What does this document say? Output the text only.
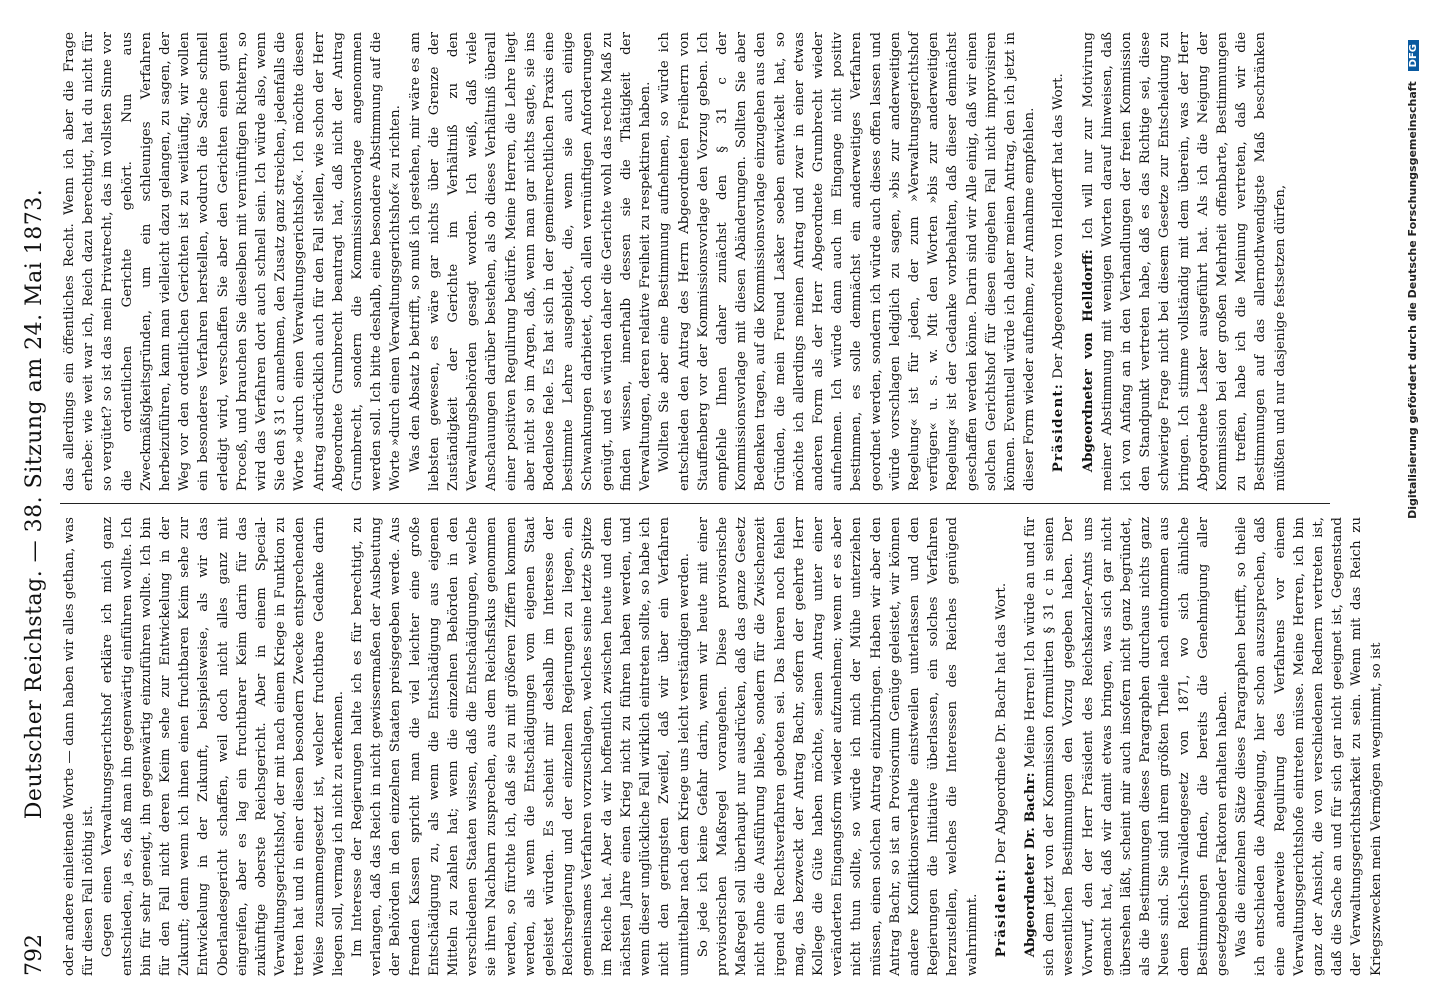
792
Deutscher Reichstag. — 38. Sitzung am 24. Mai 1873. oder andere einleitende Worte — dann haben wir alles gethan, was für diesen Fall nöthig ist. Gegen einen Verwaltungsgerichtshof erkläre ich mich ganz entschieden, ja es, daß man ihn gegenwärtig einführen wollte. Ich bin für sehr geneigt, ihn gegenwärtig einzuführen wollte. Ich bin für den Fall nicht deren Keim sehe zur Entwickelung in der Zukunft; denn wenn ich ihnen einen fruchtbaren Keim sehe zur Entwickelung in der Zukunft, beispielsweise, als wir das Oberlandesgericht schaffen, weil doch nicht alles ganz mit eingreifen, aber es lag ein fruchtbarer Keim darin für das zukünftige oberste Reichsgericht. Aber in einem Special-Verwaltungsgerichtshof, der mit nach einem Kriege in Funktion zu treten hat und in einer diesen besondern Zwecke entsprechenden Weise zusammengesetzt ist, welcher fruchtbare Gedanke darin liegen soll, vermag ich nicht zu erkennen. Im Interesse der Regierungen halte ich es für berechtigt, zu verlangen, daß das Reich in nicht gewissermaßen der Ausbeutung der Behörden in den einzelnen Staaten preisgegeben werde. Aus fremden Kassen spricht man die viel leichter eine große Entschädigung zu, als wenn die Entschädigung aus eigenen Mitteln zu zahlen hat; wenn die einzelnen Behörden in den verschiedenen Staaten wissen, daß die Entschädigungen, welche sie ihren Nachbarn zusprechen, aus dem Reichsfiskus genommen werden, so fürchte ich, daß sie zu mit größeren Ziffern kommen werden, als wenn die Entschädigungen vom eigenen Staat geleistet würden. Es scheint mir deshalb im Interesse der Reichsregierung und der einzelnen Regierungen zu liegen, ein gemeinsames Verfahren vorzuschlagen, welches seine letzte Spitze im Reiche hat. Aber da wir hoffentlich zwischen heute und dem nächsten Jahre einen Krieg nicht zu führen haben werden, und wenn dieser unglückliche Fall wirklich eintreten sollte, so habe ich nicht den geringsten Zweifel, daß wir über ein Verfahren unmittelbar nach dem Kriege uns leicht verständigen werden. So jede ich keine Gefahr darin, wenn wir heute mit einer provisorischen Maßregel vorangehen. Diese provisorische Maßregel soll überhaupt nur ausdrücken, daß das ganze Gesetz nicht ohne die Ausführung bliebe, sondern für die Zwischenzeit irgend ein Rechtsverfahren geboten sei. Das hieren noch fehlen mag, das bezweckt der Antrag Bachr, sofern der geehrte Herr Kollege die Güte haben möchte, seinen Antrag unter einer veränderten Eingangsform wieder aufzunehmen; wenn er es aber nicht thun sollte, so würde ich mich der Mühe unterziehen müssen, einen solchen Antrag einzubringen. Haben wir aber den Antrag Bachr, so ist an Provisorium Genüge geleistet, wir können andere Konfliktionsverhalte einstweilen unterlassen und den Regierungen die Initiative überlassen, ein solches Verfahren herzustellen, welches die Interessen des Reiches genügend wahrnimmt. Präsident: Der Abgeordnete Dr. Bachr hat das Wort.

Abgeordneter Dr. Bachr: Meine Herren! Ich würde an und für sich dem jetzt von der Kommission formulirten § 31 c in seinen wesentlichen Bestimmungen den Vorzug gegeben haben. Der Vorwurf, den der Herr Präsident des Reichskanzler-Amts uns gemacht hat, daß wir damit etwas bringen, was sich gar nicht übersehen läßt, scheint mir auch insofern nicht ganz begründet, als die Bestimmungen dieses Paragraphen durchaus nichts ganz Neues sind. Sie sind ihrem größten Theile nach entnommen aus dem Reichs-Invalidengesetz von 1871, wo sich ähnliche Bestimmungen finden, die bereits die Genehmigung aller gesetzgebender Faktoren erhalten haben. Was die einzelnen Sätze dieses Paragraphen betrifft, so theile ich entschieden die Abneigung, hier schon auszusprechen, daß eine anderweite Regulirung des Verfahrens vor einem Verwaltungsgerichtshofe eintreten müsse. Meine Herren, ich bin ganz der Ansicht, die von verschiedenen Rednern vertreten ist, daß die Sache an und für sich gar nicht geeignet ist, Gegenstand der Verwaltungsgerichtsbarkeit zu sein. Wenn mit das Reich zu Kriegszwecken mein Vermögen wegnimmt, so ist

das allerdings ein öffentliches Recht. Wenn ich aber die Frage erhebe: wie weit war ich, Reich dazu berechtigt, hat du nicht für so vergütet? so ist das mein Privatrecht, das im vollsten Sinne vor die ordentlichen Gerichte gehört. Nun aus Zweckmäßigkeitsgründen, um ein schleuniges Verfahren herbeizuführen, kann man vielleicht dazu gelangen, zu sagen, der Weg vor den ordentlichen Gerichten ist zu weitläufig, wir wollen ein besonderes Verfahren herstellen, wodurch die Sache schnell erledigt wird, verschaffen Sie aber den Gerichten einen guten Proceß, und brauchen Sie dieselben mit vernünftigen Richtern, so wird das Verfahren dort auch schnell sein. Ich würde also, wenn Sie den § 31 c annehmen, den Zusatz ganz streichen, jedenfalls die Worte »durch einen Verwaltungsgerichtshof«. Ich möchte diesen Antrag ausdrücklich auch für den Fall stellen, wie schon der Herr Abgeordnete Grumbrecht beantragt hat, daß nicht der Antrag Grumbrecht, sondern die Kommissionsvorlage angenommen werden soll. Ich bitte deshalb, eine besondere Abstimmung auf die Worte »durch einen Verwaltungsgerichtshof« zu richten. Was den Absatz b betrifft, so muß ich gestehen, mir wäre es am liebsten gewesen, es wäre gar nichts über die Grenze der Zuständigkeit der Gerichte im Verhältniß zu den Verwaltungsbehörden gesagt worden. Ich weiß, daß viele Anschauungen darüber bestehen, als ob dieses Verhältniß überall einer positiven Regulirung bedürfe. Meine Herren, die Lehre liegt aber nicht so im Argen, daß, wenn man gar nichts sagte, sie ins Bodenlose fiele. Es hat sich in der gemeinrechtlichen Praxis eine bestimmte Lehre ausgebildet, die, wenn sie auch einige Schwankungen darbietet, doch allen vernünftigen Anforderungen genügt, und es würden daher die Gerichte wohl das rechte Maß zu finden wissen, innerhalb dessen sie die Thätigkeit der Verwaltungen, deren relative Freiheit zu respektiren haben. Wollten Sie aber eine Bestimmung aufnehmen, so würde ich entschieden den Antrag des Herrn Abgeordneten Freiherrn von Stauffenberg vor der Kommissionsvorlage den Vorzug geben. Ich empfehle Ihnen daher zunächst den § 31 c der Kommissionsvorlage mit diesen Abänderungen. Sollten Sie aber Bedenken tragen, auf die Kommissionsvorlage einzugehen aus den Gründen, die mein Freund Lasker soeben entwickelt hat, so möchte ich allerdings meinen Antrag und zwar in einer etwas anderen Form als der Herr Abgeordnete Grumbrecht wieder aufnehmen. Ich würde dann auch im Eingange nicht positiv bestimmen, es solle demnächst ein anderweitiges Verfahren geordnet werden, sondern ich würde auch dieses offen lassen und würde vorschlagen lediglich zu sagen, »bis zur anderweitigen Regelung« ist für jeden, der zum »Verwaltungsgerichtshof verfügen« u. s. w. Mit den Worten »bis zur anderweitigen Regelung« ist der Gedanke vorbehalten, daß dieser demnächst geschaffen werden könne. Darin sind wir Alle einig, daß wir einen solchen Gerichtshof für diesen eingehen Fall nicht improvisiren können. Eventuell würde ich daher meinen Antrag, den ich jetzt in dieser Form wieder aufnehme, zur Annahme empfehlen. Präsident: Der Abgeordnete von Helldorff hat das Wort. Abgeordneter von Helldorff: Ich will nur zur Motivirung meiner Abstimmung mit wenigen Worten darauf hinweisen, daß ich von Anfang an in den Verhandlungen der freien Kommission den Standpunkt vertreten habe, daß es das Richtige sei, diese schwierige Frage nicht bei diesem Gesetze zur Entscheidung zu bringen. Ich stimme vollständig mit dem überein, was der Herr Abgeordnete Lasker ausgeführt hat. Als ich die Neigung der Kommission bei der großen Mehrheit offenbarte, Bestimmungen zu treffen, habe ich die Meinung vertreten, daß wir die Bestimmungen auf das allernothwendigste Maß beschränken müßten und nur dasjenige festsetzen dürfen,	Digitalisierung gefördert durch die Deutsche Forschungsgemeinschaft DFG
